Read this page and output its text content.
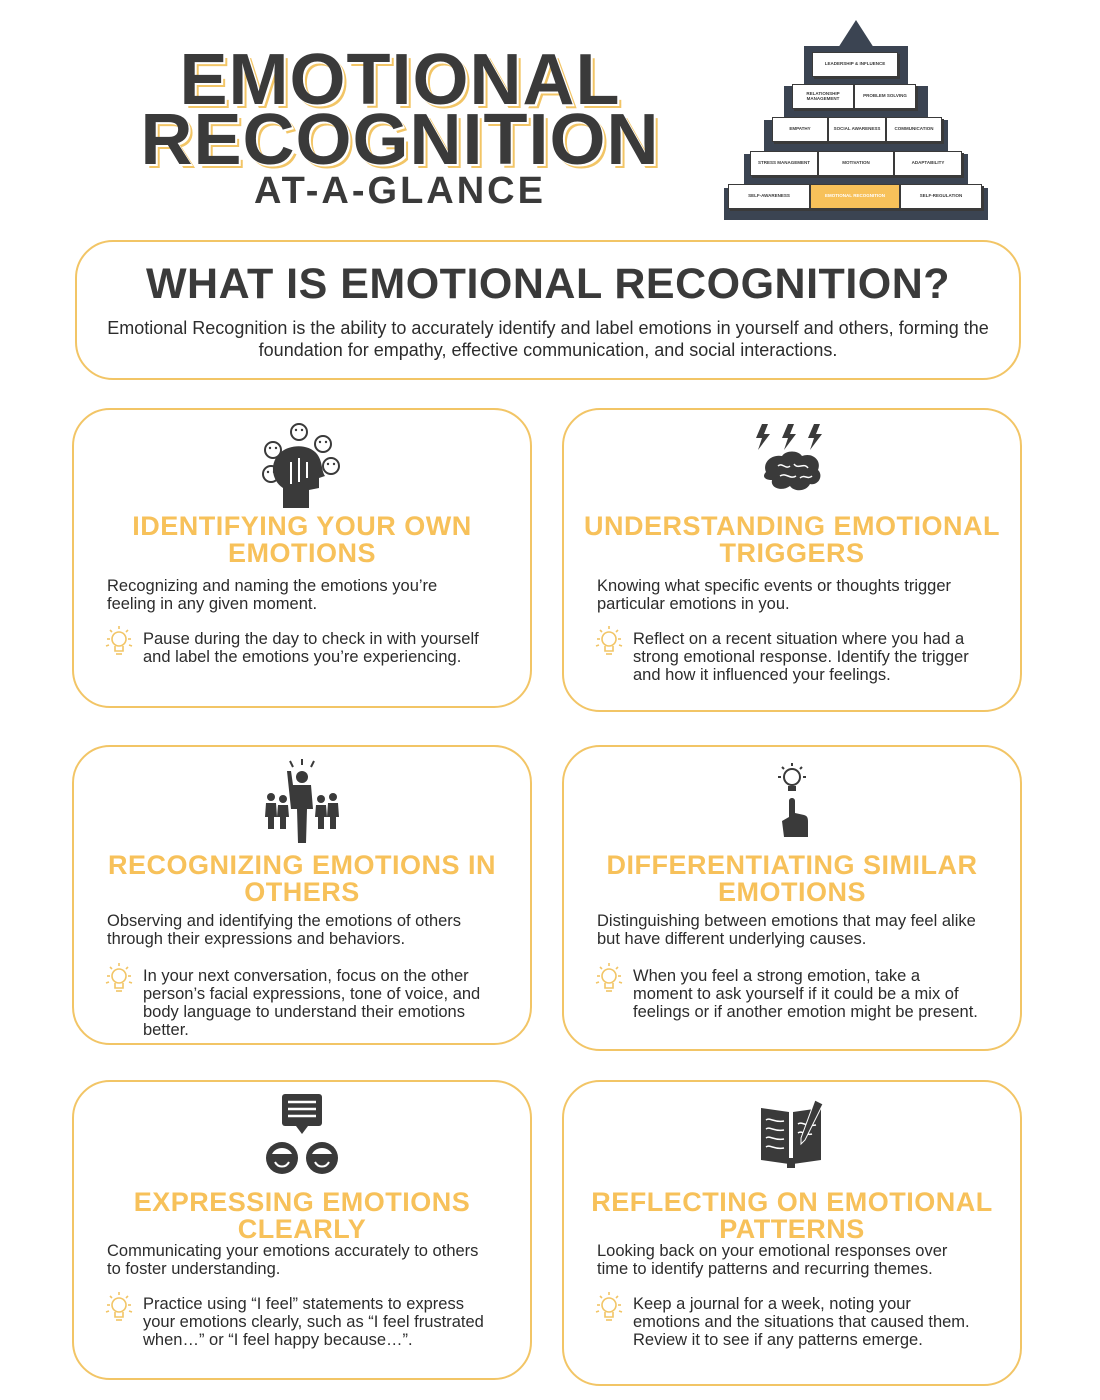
EMOTIONAL
RECOGNITION
AT-A-GLANCE
LEADERSHIP & INFLUENCE
RELATIONSHIP MANAGEMENT	PROBLEM SOLVING
EMPATHY	SOCIAL AWARENESS	COMMUNICATION
STRESS MANAGEMENT	MOTIVATION	ADAPTABILITY
SELF-AWARENESS	EMOTIONAL RECOGNITION	SELF-REGULATION
WHAT IS EMOTIONAL RECOGNITION?
Emotional Recognition is the ability to accurately identify and label emotions in yourself and others, forming the foundation for empathy, effective communication, and social interactions.
IDENTIFYING YOUR OWN EMOTIONS
Recognizing and naming the emotions you’re feeling in any given moment.
Pause during the day to check in with yourself and label the emotions you’re experiencing.
UNDERSTANDING EMOTIONAL TRIGGERS
Knowing what specific events or thoughts trigger particular emotions in you.
Reflect on a recent situation where you had a strong emotional response. Identify the trigger and how it influenced your feelings.
RECOGNIZING EMOTIONS IN OTHERS
Observing and identifying the emotions of others through their expressions and behaviors.
In your next conversation, focus on the other person’s facial expressions, tone of voice, and body language to understand their emotions better.
DIFFERENTIATING SIMILAR EMOTIONS
Distinguishing between emotions that may feel alike but have different underlying causes.
When you feel a strong emotion, take a moment to ask yourself if it could be a mix of feelings or if another emotion might be present.
EXPRESSING EMOTIONS CLEARLY
Communicating your emotions accurately to others to foster understanding.
Practice using “I feel” statements to express your emotions clearly, such as “I feel frustrated when…” or “I feel happy because…”.
REFLECTING ON EMOTIONAL PATTERNS
Looking back on your emotional responses over time to identify patterns and recurring themes.
Keep a journal for a week, noting your emotions and the situations that caused them. Review it to see if any patterns emerge.
